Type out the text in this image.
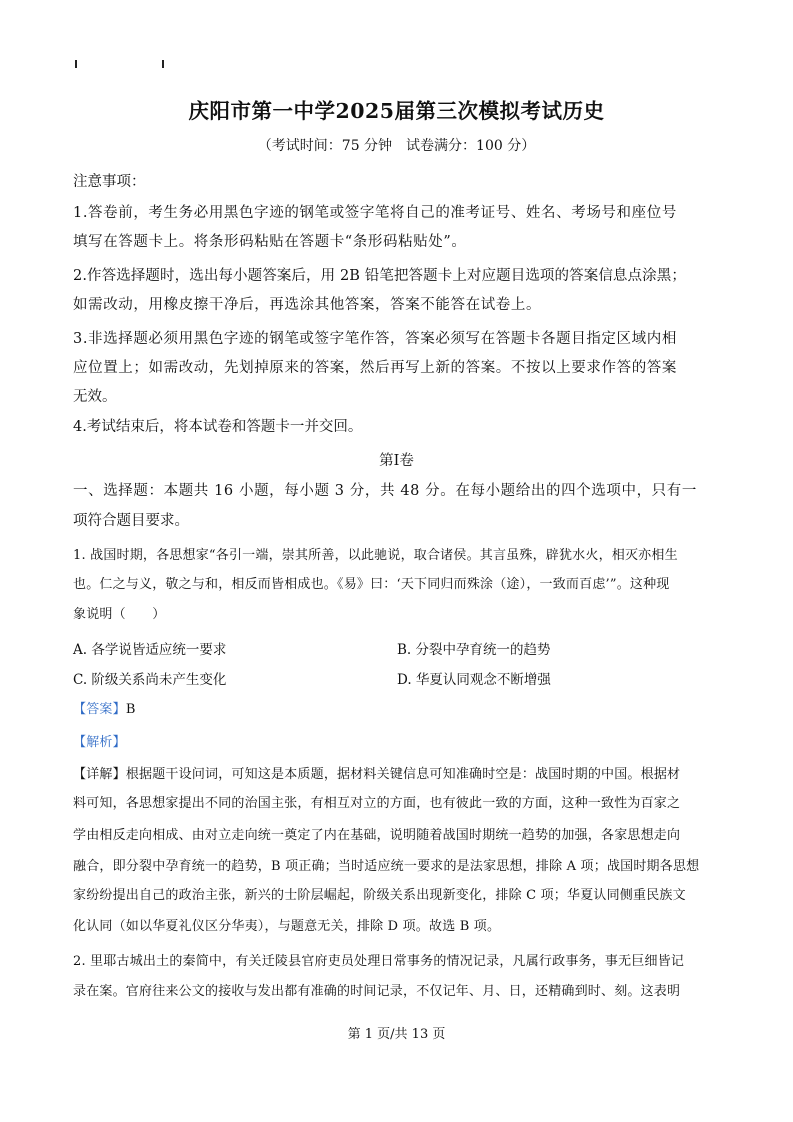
庆阳市第一中学2025届第三次模拟考试历史
（考试时间：75 分钟　试卷满分：100 分）
注意事项：
1.答卷前，考生务必用黑色字迹的钢笔或签字笔将自己的准考证号、姓名、考场号和座位号
填写在答题卡上。将条形码粘贴在答题卡“条形码粘贴处”。
2.作答选择题时，选出每小题答案后，用 2B 铅笔把答题卡上对应题目选项的答案信息点涂黑；
如需改动，用橡皮擦干净后，再选涂其他答案，答案不能答在试卷上。
3.非选择题必须用黑色字迹的钢笔或签字笔作答，答案必须写在答题卡各题目指定区域内相
应位置上；如需改动，先划掉原来的答案，然后再写上新的答案。不按以上要求作答的答案
无效。
4.考试结束后，将本试卷和答题卡一并交回。
第Ⅰ卷
一、选择题：本题共 16 小题，每小题 3 分，共 48 分。在每小题给出的四个选项中，只有一
项符合题目要求。
1. 战国时期，各思想家“各引一端，崇其所善，以此驰说，取合诸侯。其言虽殊，辟犹水火，相灭亦相生
也。仁之与义，敬之与和，相反而皆相成也。《易》曰：‘天下同归而殊涂（途），一致而百虑’”。这种现
象说明（　　）
A. 各学说皆适应统一要求	B. 分裂中孕育统一的趋势
C. 阶级关系尚未产生变化	D. 华夏认同观念不断增强
【答案】B
【解析】
【详解】根据题干设问词，可知这是本质题，据材料关键信息可知准确时空是：战国时期的中国。根据材
料可知，各思想家提出不同的治国主张，有相互对立的方面，也有彼此一致的方面，这种一致性为百家之
学由相反走向相成、由对立走向统一奠定了内在基础，说明随着战国时期统一趋势的加强，各家思想走向
融合，即分裂中孕育统一的趋势，B 项正确；当时适应统一要求的是法家思想，排除 A 项；战国时期各思想
家纷纷提出自己的政治主张，新兴的士阶层崛起，阶级关系出现新变化，排除 C 项；华夏认同侧重民族文
化认同（如以华夏礼仪区分华夷），与题意无关，排除 D 项。故选 B 项。
2. 里耶古城出土的秦简中，有关迁陵县官府吏员处理日常事务的情况记录，凡属行政事务，事无巨细皆记
录在案。官府往来公文的接收与发出都有准确的时间记录，不仅记年、月、日，还精确到时、刻。这表明
第 1 页/共 13 页
